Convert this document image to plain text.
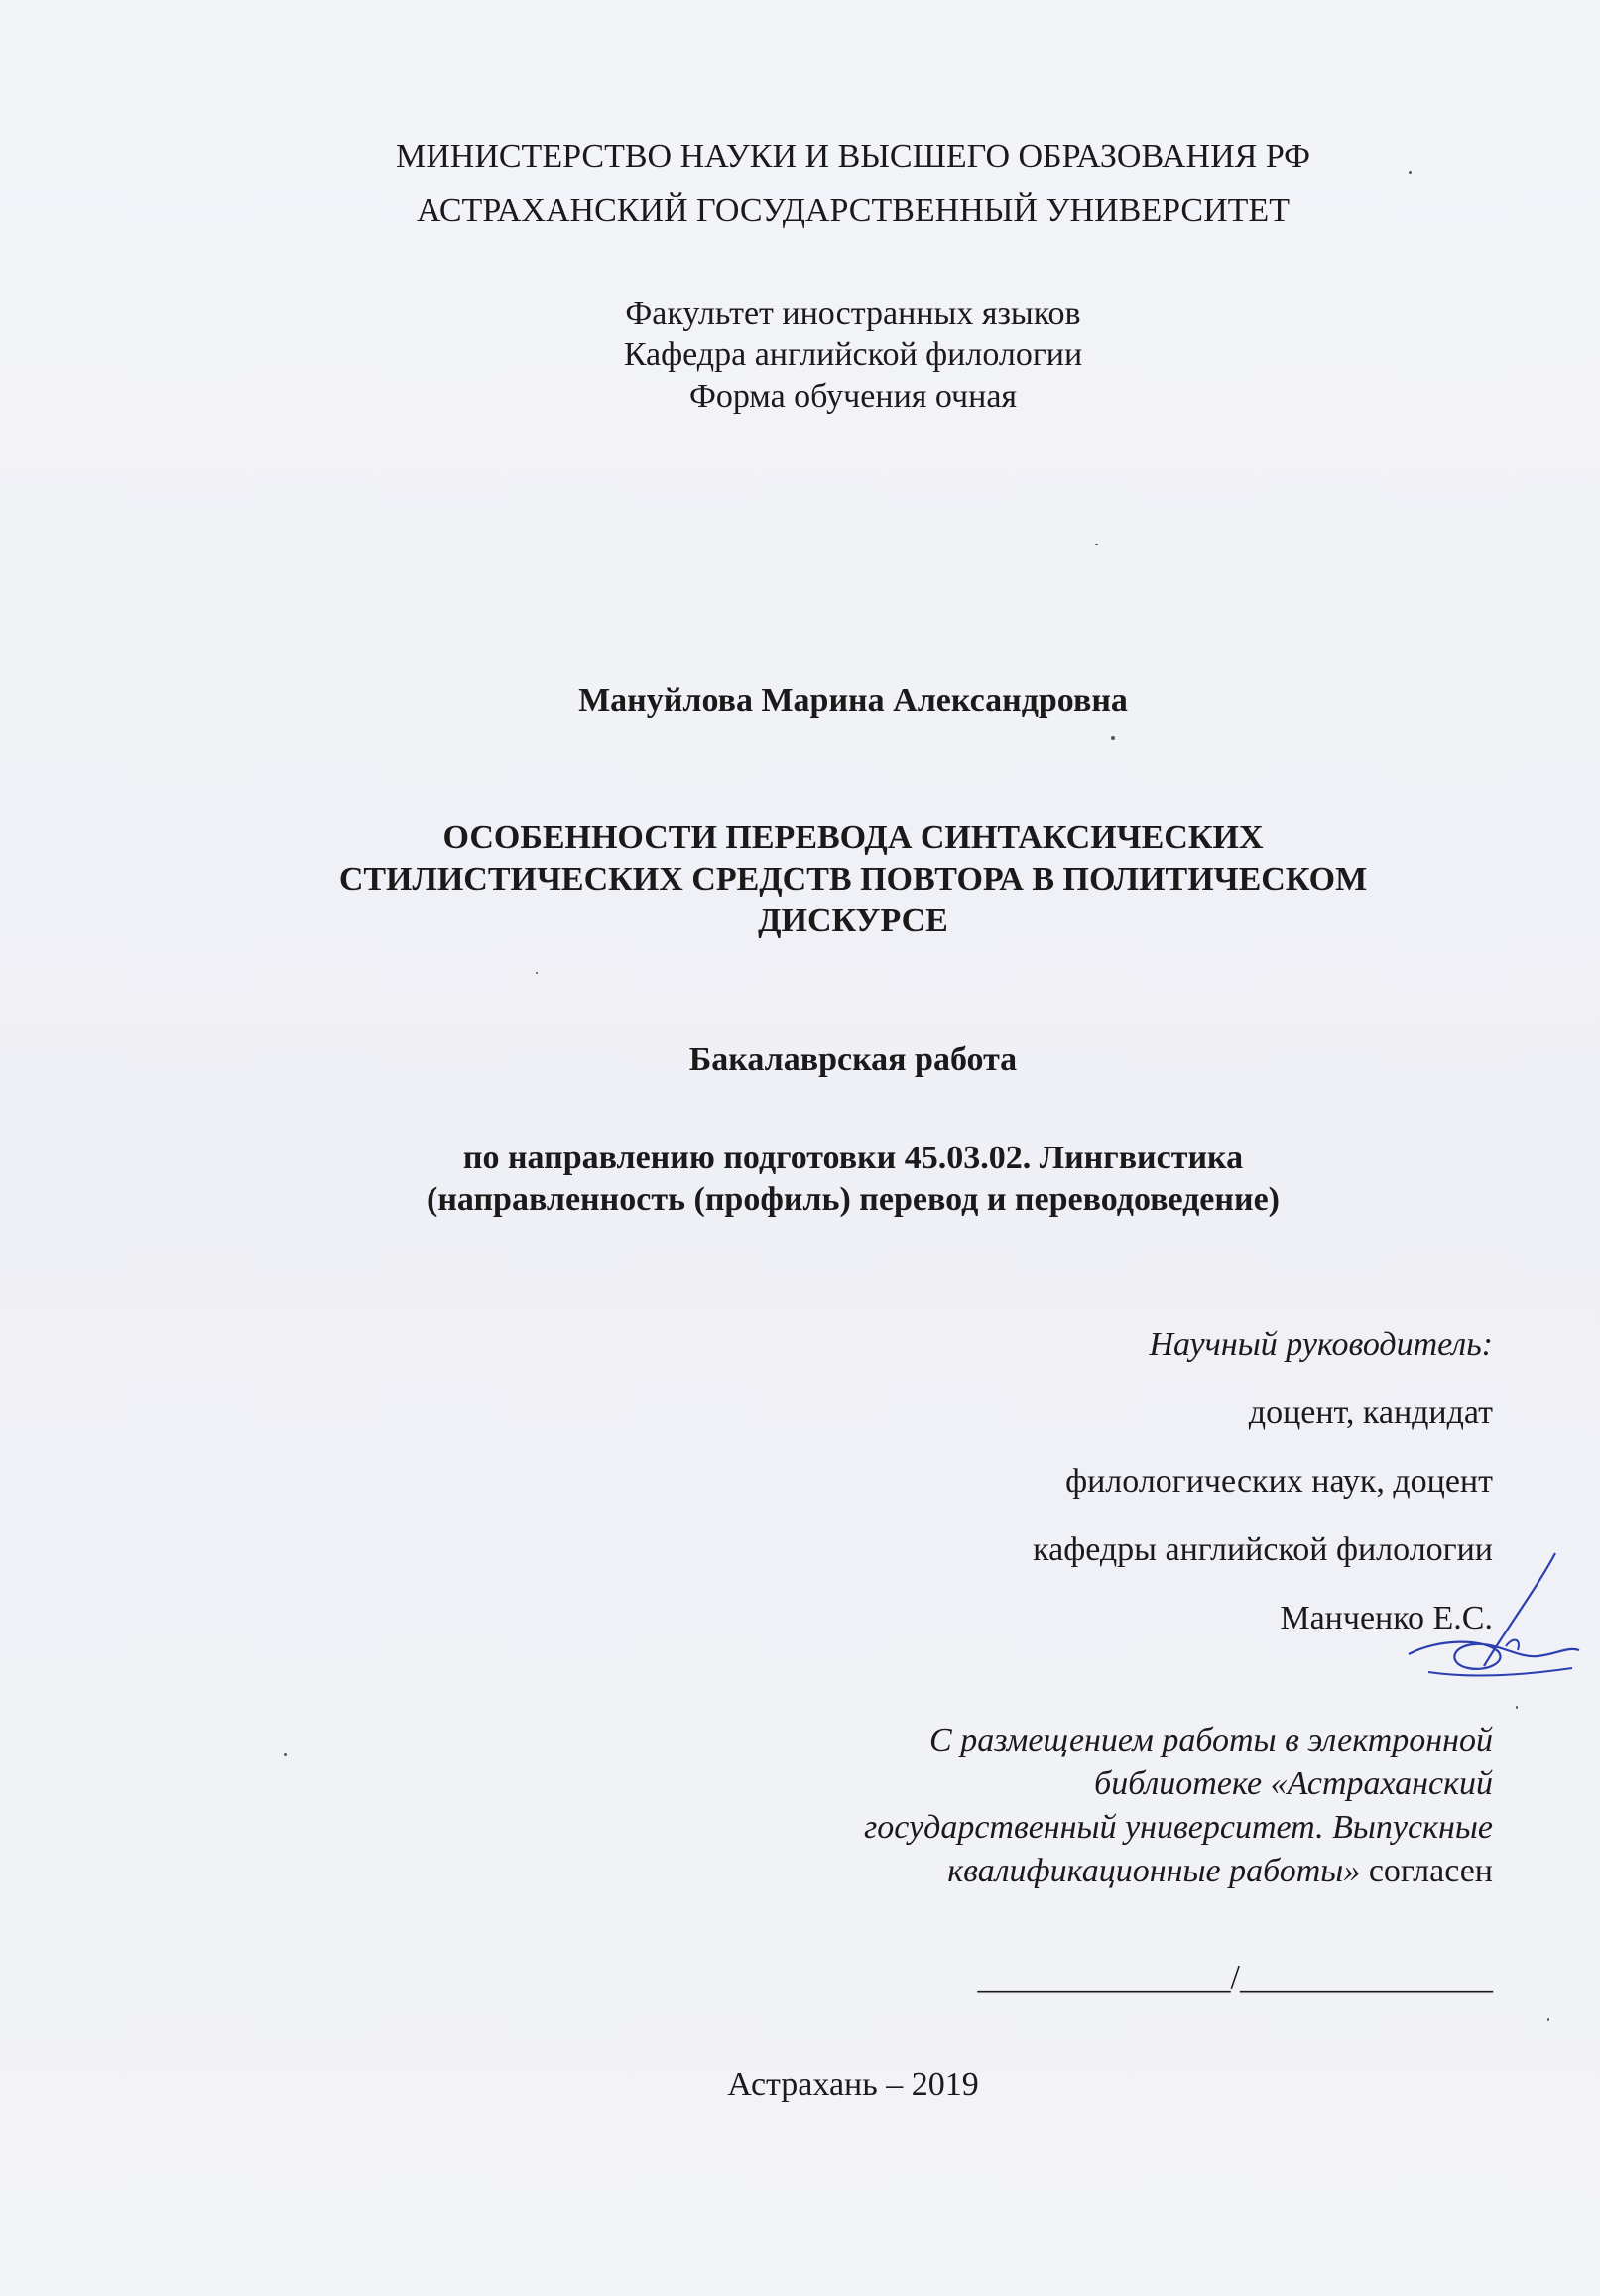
МИНИСТЕРСТВО НАУКИ И ВЫСШЕГО ОБРАЗОВАНИЯ РФ
АСТРАХАНСКИЙ ГОСУДАРСТВЕННЫЙ УНИВЕРСИТЕТ
Факультет иностранных языков
Кафедра английской филологии
Форма обучения очная
Мануйлова Марина Александровна
ОСОБЕННОСТИ ПЕРЕВОДА СИНТАКСИЧЕСКИХ
СТИЛИСТИЧЕСКИХ СРЕДСТВ ПОВТОРА В ПОЛИТИЧЕСКОМ
ДИСКУРСЕ
Бакалаврская работа
по направлению подготовки 45.03.02. Лингвистика
(направленность (профиль) перевод и переводоведение)
Научный руководитель:
доцент, кандидат
филологических наук, доцент
кафедры английской филологии
Манченко Е.С.
С размещением работы в электронной
библиотеке «Астраханский
государственный университет. Выпускные
квалификационные работы» согласен
_______________/_______________
Астрахань – 2019
